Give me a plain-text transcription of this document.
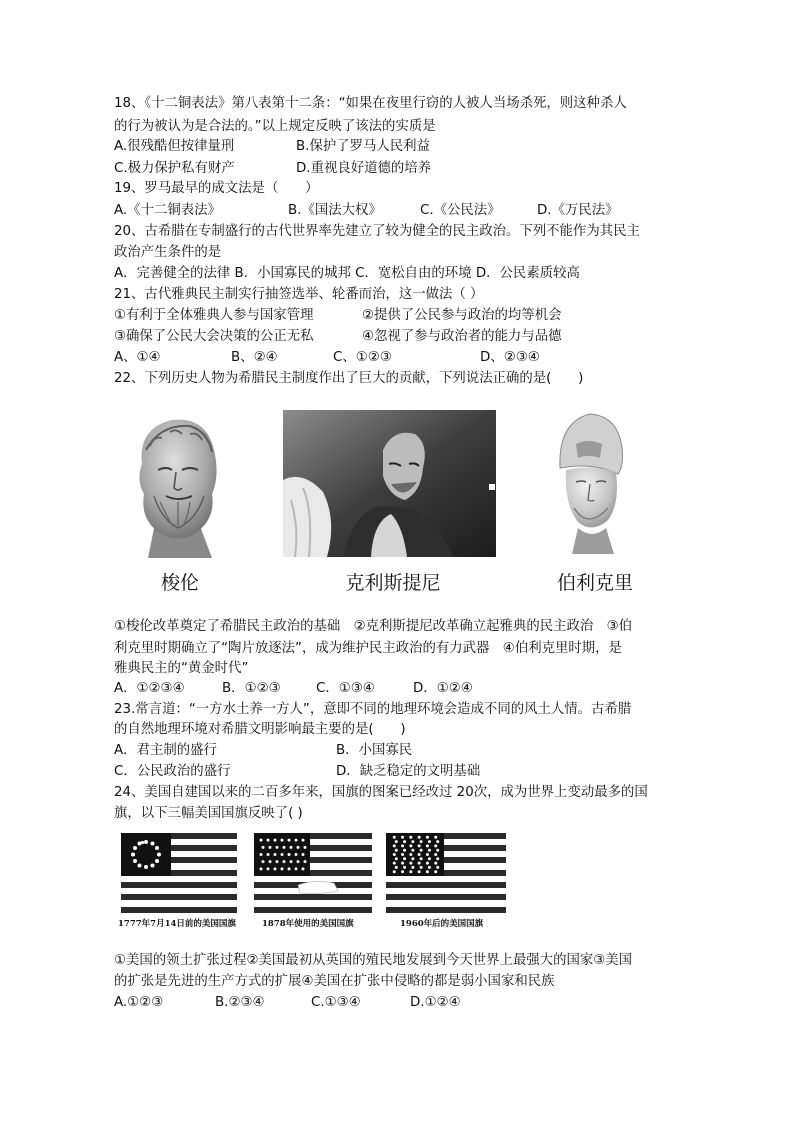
18、《十二铜表法》第八表第十二条：“如果在夜里行窃的人被人当场杀死，则这种杀人
的行为被认为是合法的。”以上规定反映了该法的实质是
A.很残酷但按律量刑	B.保护了罗马人民利益
C.极力保护私有财产	D.重视良好道德的培养
19、罗马最早的成文法是（　　）
A.《十二铜表法》	B.《国法大权》	C.《公民法》	D.《万民法》
20、古希腊在专制盛行的古代世界率先建立了较为健全的民主政治。下列不能作为其民主
政治产生条件的是
A．完善健全的法律 B．小国寡民的城邦 C．宽松自由的环境 D．公民素质较高
21、古代雅典民主制实行抽签选举、轮番而治，这一做法（ ）
①有利于全体雅典人参与国家管理	②提供了公民参与政治的均等机会
③确保了公民大会决策的公正无私	④忽视了参与政治者的能力与品德
A、①④	B、②④	C、①②③	D、②③④
22、下列历史人物为希腊民主制度作出了巨大的贡献，下列说法正确的是(　　)
梭伦	克利斯提尼	伯利克里
①梭伦改革奠定了希腊民主政治的基础　②克利斯提尼改革确立起雅典的民主政治　③伯
利克里时期确立了“陶片放逐法”，成为维护民主政治的有力武器　④伯利克里时期，是
雅典民主的“黄金时代”
A．①②③④	B．①②③	C．①③④	D．①②④
23.常言道：“一方水土养一方人”，意即不同的地理环境会造成不同的风土人情。古希腊
的自然地理环境对希腊文明影响最主要的是(　　)
A．君主制的盛行	B．小国寡民
C．公民政治的盛行	D．缺乏稳定的文明基础
24、美国自建国以来的二百多年来，国旗的图案已经改过 20次，成为世界上变动最多的国
旗，以下三幅美国国旗反映了( )
1777年7月14日前的美国国旗	1878年使用的美国国旗	1960年后的美国国旗
①美国的领土扩张过程②美国最初从英国的殖民地发展到今天世界上最强大的国家③美国
的扩张是先进的生产方式的扩展④美国在扩张中侵略的都是弱小国家和民族
A.①②③	B.②③④	C.①③④	D.①②④
